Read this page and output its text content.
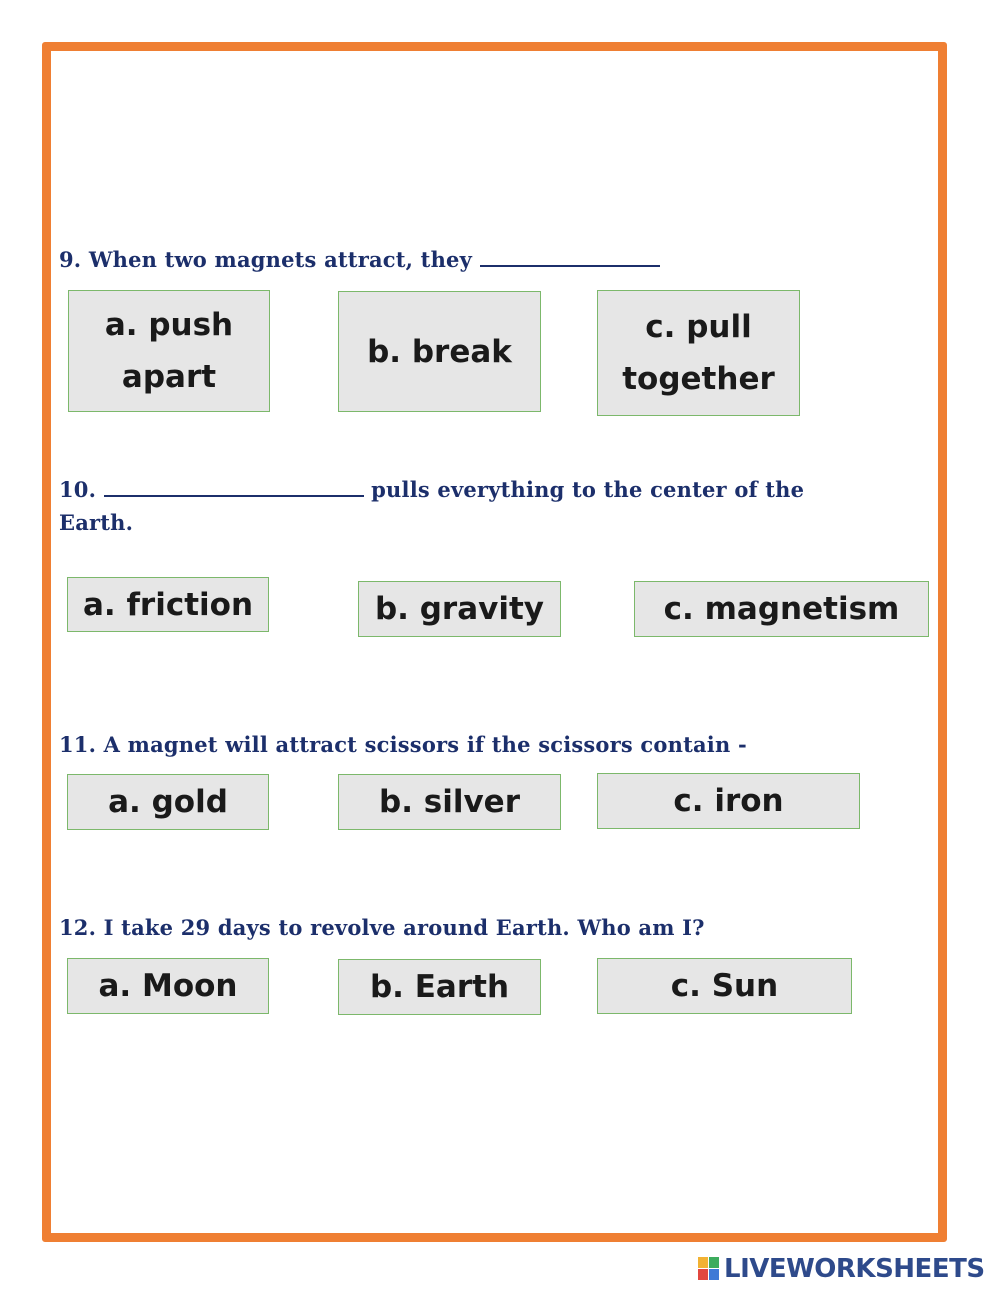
9. When two magnets attract, they
a. push apart
b. break
c. pull together
10.	pulls everything to the center of the
Earth.
a. friction	b. gravity	c. magnetism
11. A magnet will attract scissors if the scissors contain -
a. gold	b. silver	c. iron
12. I take 29 days to revolve around Earth. Who am I?
a. Moon	b. Earth	c. Sun
LIVEWORKSHEETS
